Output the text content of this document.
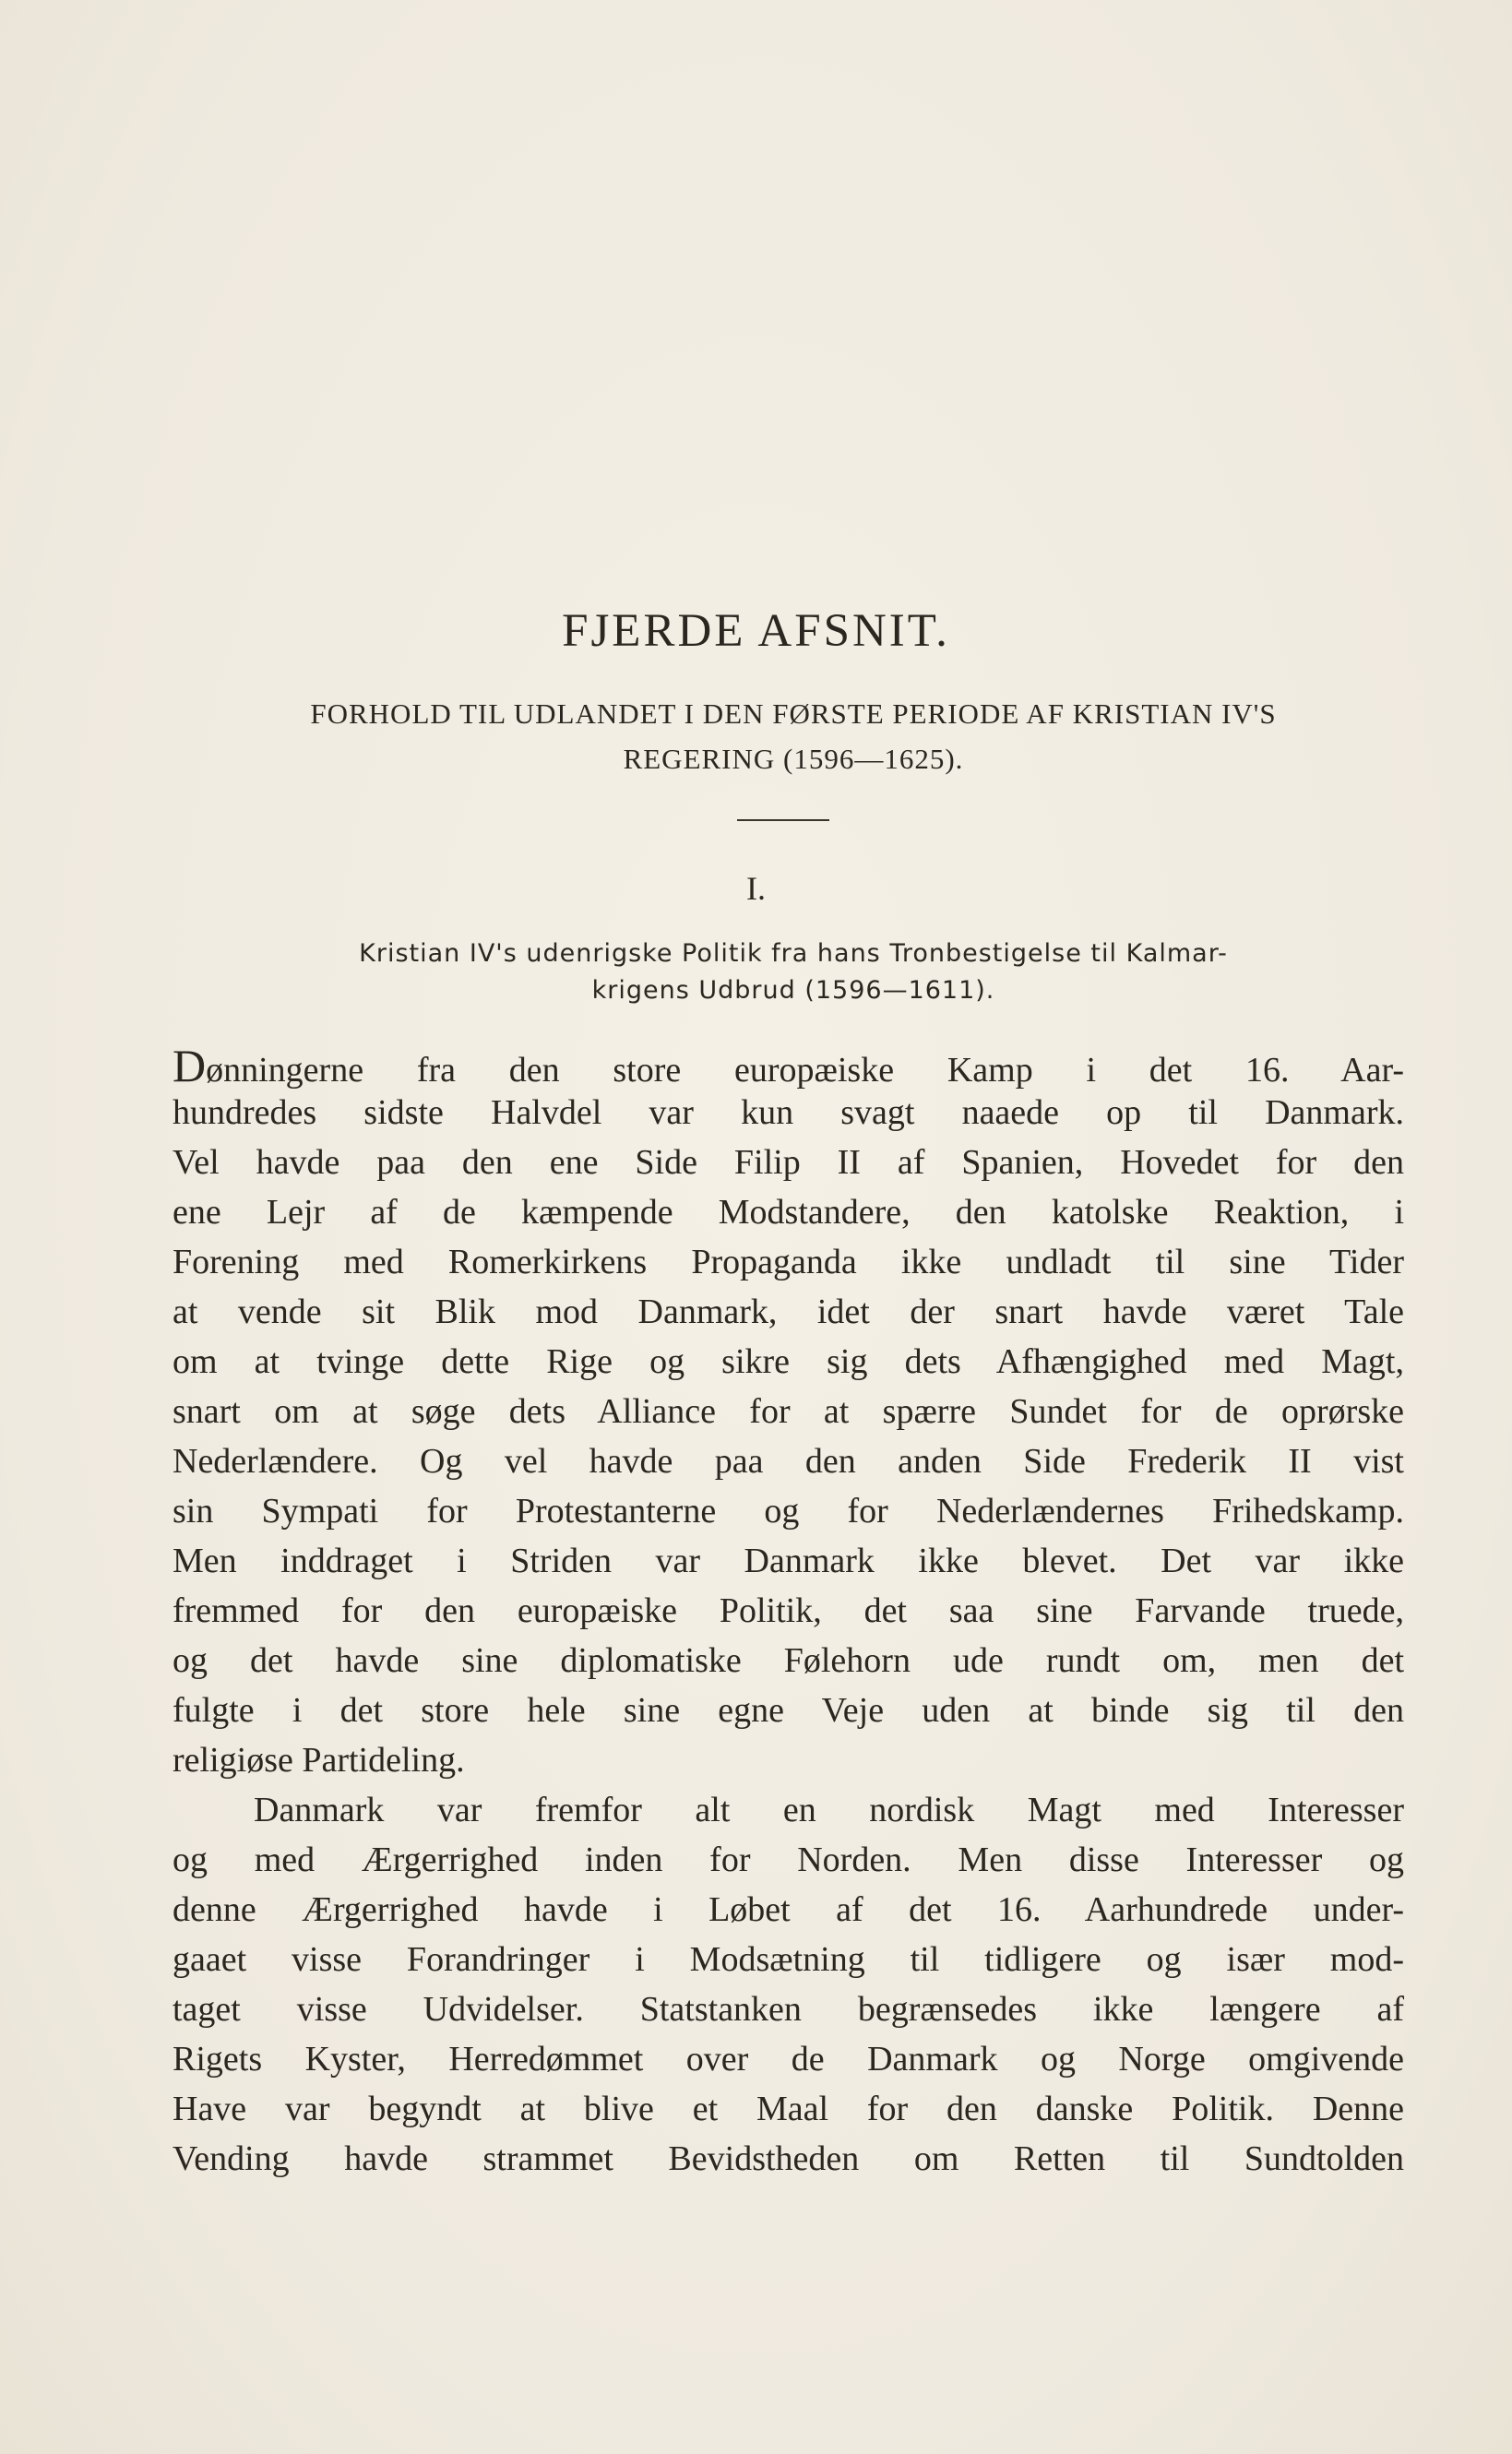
FJERDE AFSNIT.
FORHOLD TIL UDLANDET I DEN FØRSTE PERIODE AF KRISTIAN IV'S
REGERING (1596—1625).
I.
Kristian IV's udenrigske Politik fra hans Tronbestigelse til Kalmar-
krigens Udbrud (1596—1611).
Dønningerne fra den store europæiske Kamp i det 16. Aar-
hundredes sidste Halvdel var kun svagt naaede op til Danmark.
Vel havde paa den ene Side Filip II af Spanien, Hovedet for den
ene Lejr af de kæmpende Modstandere, den katolske Reaktion, i
Forening med Romerkirkens Propaganda ikke undladt til sine Tider
at vende sit Blik mod Danmark, idet der snart havde været Tale
om at tvinge dette Rige og sikre sig dets Afhængighed med Magt,
snart om at søge dets Alliance for at spærre Sundet for de oprørske
Nederlændere. Og vel havde paa den anden Side Frederik II vist
sin Sympati for Protestanterne og for Nederlændernes Frihedskamp.
Men inddraget i Striden var Danmark ikke blevet. Det var ikke
fremmed for den europæiske Politik, det saa sine Farvande truede,
og det havde sine diplomatiske Følehorn ude rundt om, men det
fulgte i det store hele sine egne Veje uden at binde sig til den
religiøse Partideling.
Danmark var fremfor alt en nordisk Magt med Interesser
og med Ærgerrighed inden for Norden. Men disse Interesser og
denne Ærgerrighed havde i Løbet af det 16. Aarhundrede under-
gaaet visse Forandringer i Modsætning til tidligere og især mod-
taget visse Udvidelser. Statstanken begrænsedes ikke længere af
Rigets Kyster, Herredømmet over de Danmark og Norge omgivende
Have var begyndt at blive et Maal for den danske Politik. Denne
Vending havde strammet Bevidstheden om Retten til Sundtolden
